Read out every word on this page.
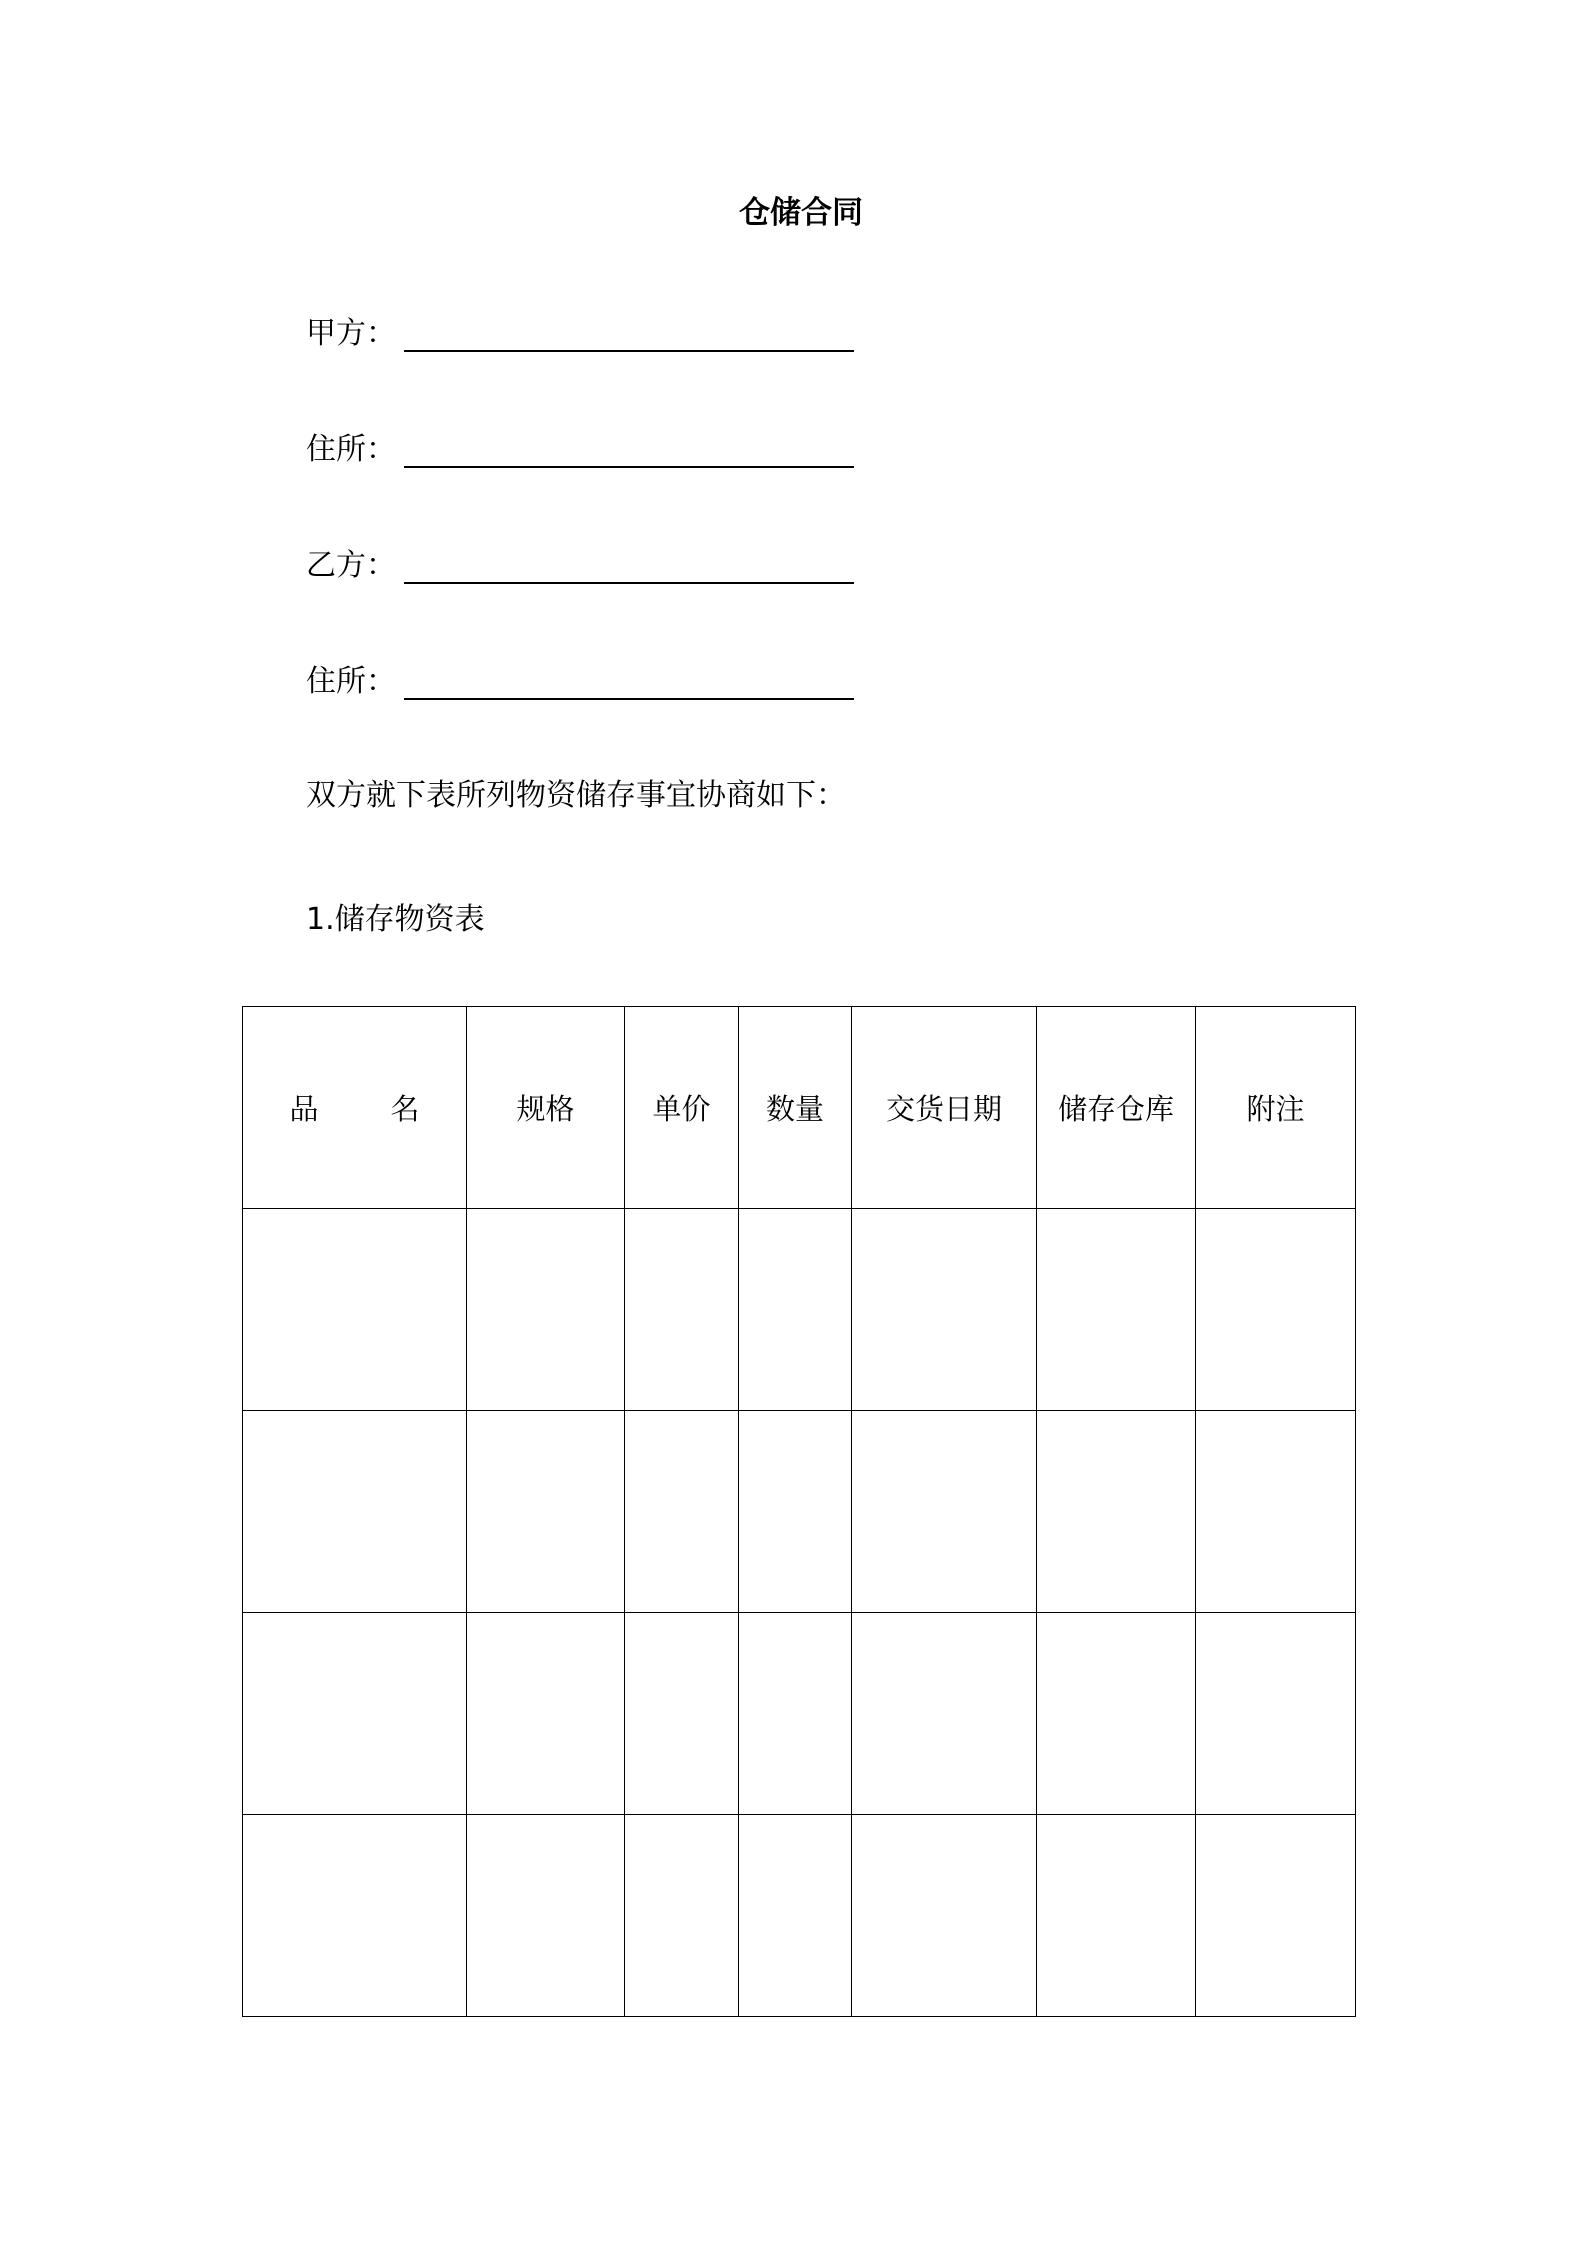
仓储合同
甲方：
住所：
乙方：
住所：
双方就下表所列物资储存事宜协商如下：
1.储存物资表
品名	规格	单价	数量	交货日期	储存仓库	附注
